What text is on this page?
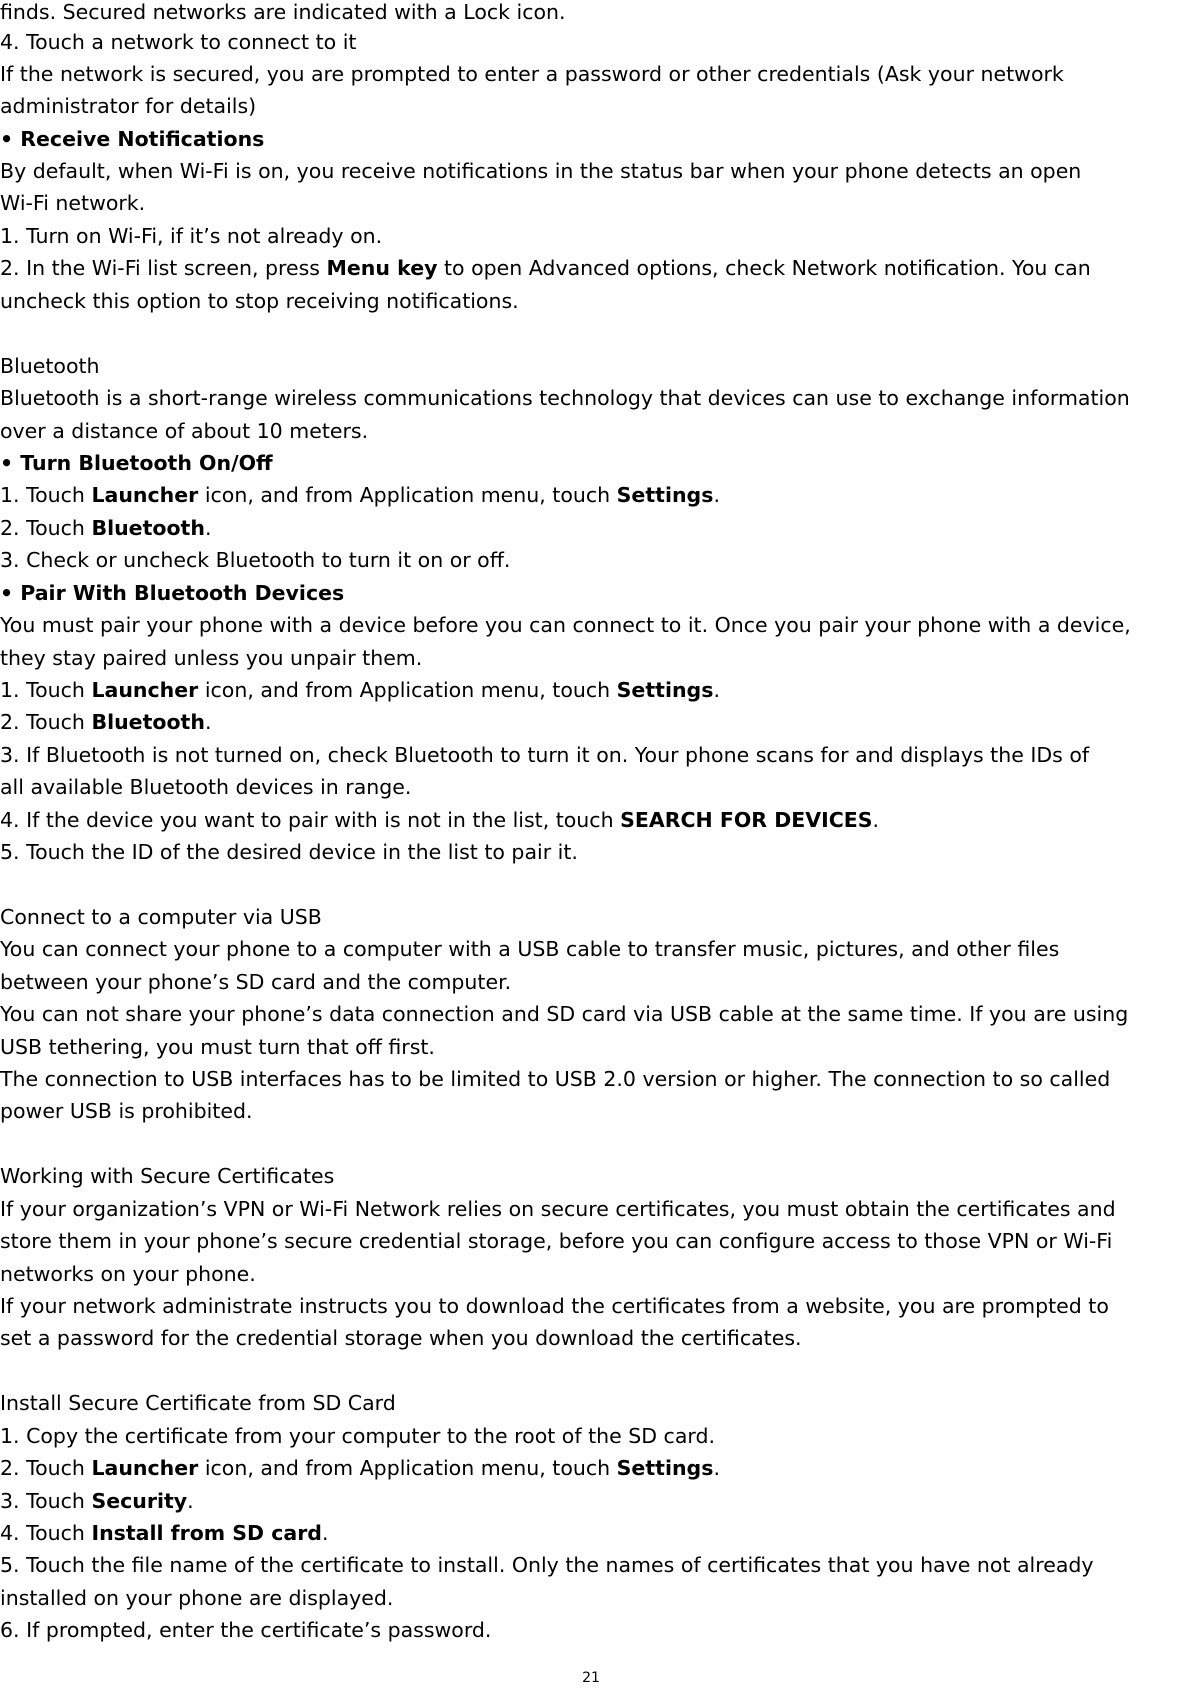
finds. Secured networks are indicated with a Lock icon.
4. Touch a network to connect to it
If the network is secured, you are prompted to enter a password or other credentials (Ask your network
administrator for details)
• Receive Notifications
By default, when Wi-Fi is on, you receive notifications in the status bar when your phone detects an open
Wi-Fi network.
1. Turn on Wi-Fi, if it’s not already on.
2. In the Wi-Fi list screen, press Menu key to open Advanced options, check Network notification. You can
uncheck this option to stop receiving notifications.
Bluetooth
Bluetooth is a short-range wireless communications technology that devices can use to exchange information
over a distance of about 10 meters.
• Turn Bluetooth On/Off
1. Touch Launcher icon, and from Application menu, touch Settings.
2. Touch Bluetooth.
3. Check or uncheck Bluetooth to turn it on or off.
• Pair With Bluetooth Devices
You must pair your phone with a device before you can connect to it. Once you pair your phone with a device,
they stay paired unless you unpair them.
1. Touch Launcher icon, and from Application menu, touch Settings.
2. Touch Bluetooth.
3. If Bluetooth is not turned on, check Bluetooth to turn it on. Your phone scans for and displays the IDs of
all available Bluetooth devices in range.
4. If the device you want to pair with is not in the list, touch SEARCH FOR DEVICES.
5. Touch the ID of the desired device in the list to pair it.
Connect to a computer via USB
You can connect your phone to a computer with a USB cable to transfer music, pictures, and other files
between your phone’s SD card and the computer.
You can not share your phone’s data connection and SD card via USB cable at the same time. If you are using
USB tethering, you must turn that off first.
The connection to USB interfaces has to be limited to USB 2.0 version or higher. The connection to so called
power USB is prohibited.
Working with Secure Certificates
If your organization’s VPN or Wi-Fi Network relies on secure certificates, you must obtain the certificates and
store them in your phone’s secure credential storage, before you can configure access to those VPN or Wi-Fi
networks on your phone.
If your network administrate instructs you to download the certificates from a website, you are prompted to
set a password for the credential storage when you download the certificates.
Install Secure Certificate from SD Card
1. Copy the certificate from your computer to the root of the SD card.
2. Touch Launcher icon, and from Application menu, touch Settings.
3. Touch Security.
4. Touch Install from SD card.
5. Touch the file name of the certificate to install. Only the names of certificates that you have not already
installed on your phone are displayed.
6. If prompted, enter the certificate’s password.
21
